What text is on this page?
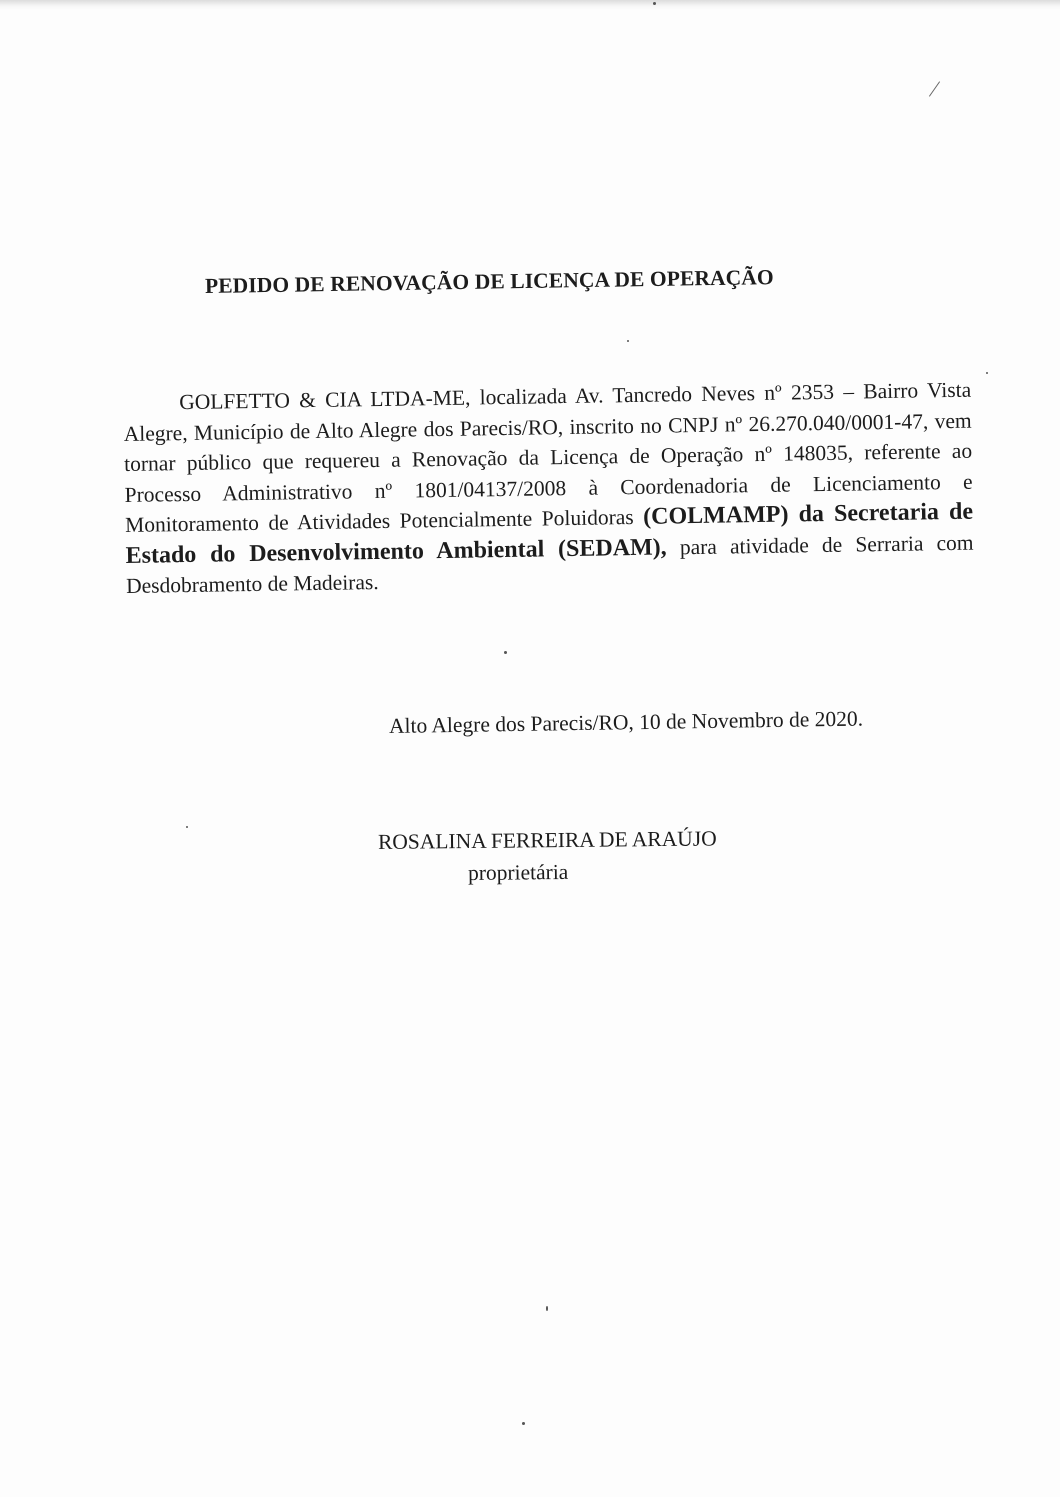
PEDIDO DE RENOVAÇÃO DE LICENÇA DE OPERAÇÃO
GOLFETTO & CIA LTDA-ME, localizada Av. Tancredo Neves nº 2353 – Bairro Vista Alegre, Município de Alto Alegre dos Parecis/RO, inscrito no CNPJ nº 26.270.040/0001-47, vem tornar público que requereu a Renovação da Licença de Operação nº 148035, referente ao Processo Administrativo nº 1801/04137/2008 à Coordenadoria de Licenciamento e Monitoramento de Atividades Potencialmente Poluidoras (COLMAMP) da Secretaria de Estado do Desenvolvimento Ambiental (SEDAM), para atividade de Serraria com Desdobramento de Madeiras.
Alto Alegre dos Parecis/RO, 10 de Novembro de 2020.
ROSALINA FERREIRA DE ARAÚJO
proprietária
